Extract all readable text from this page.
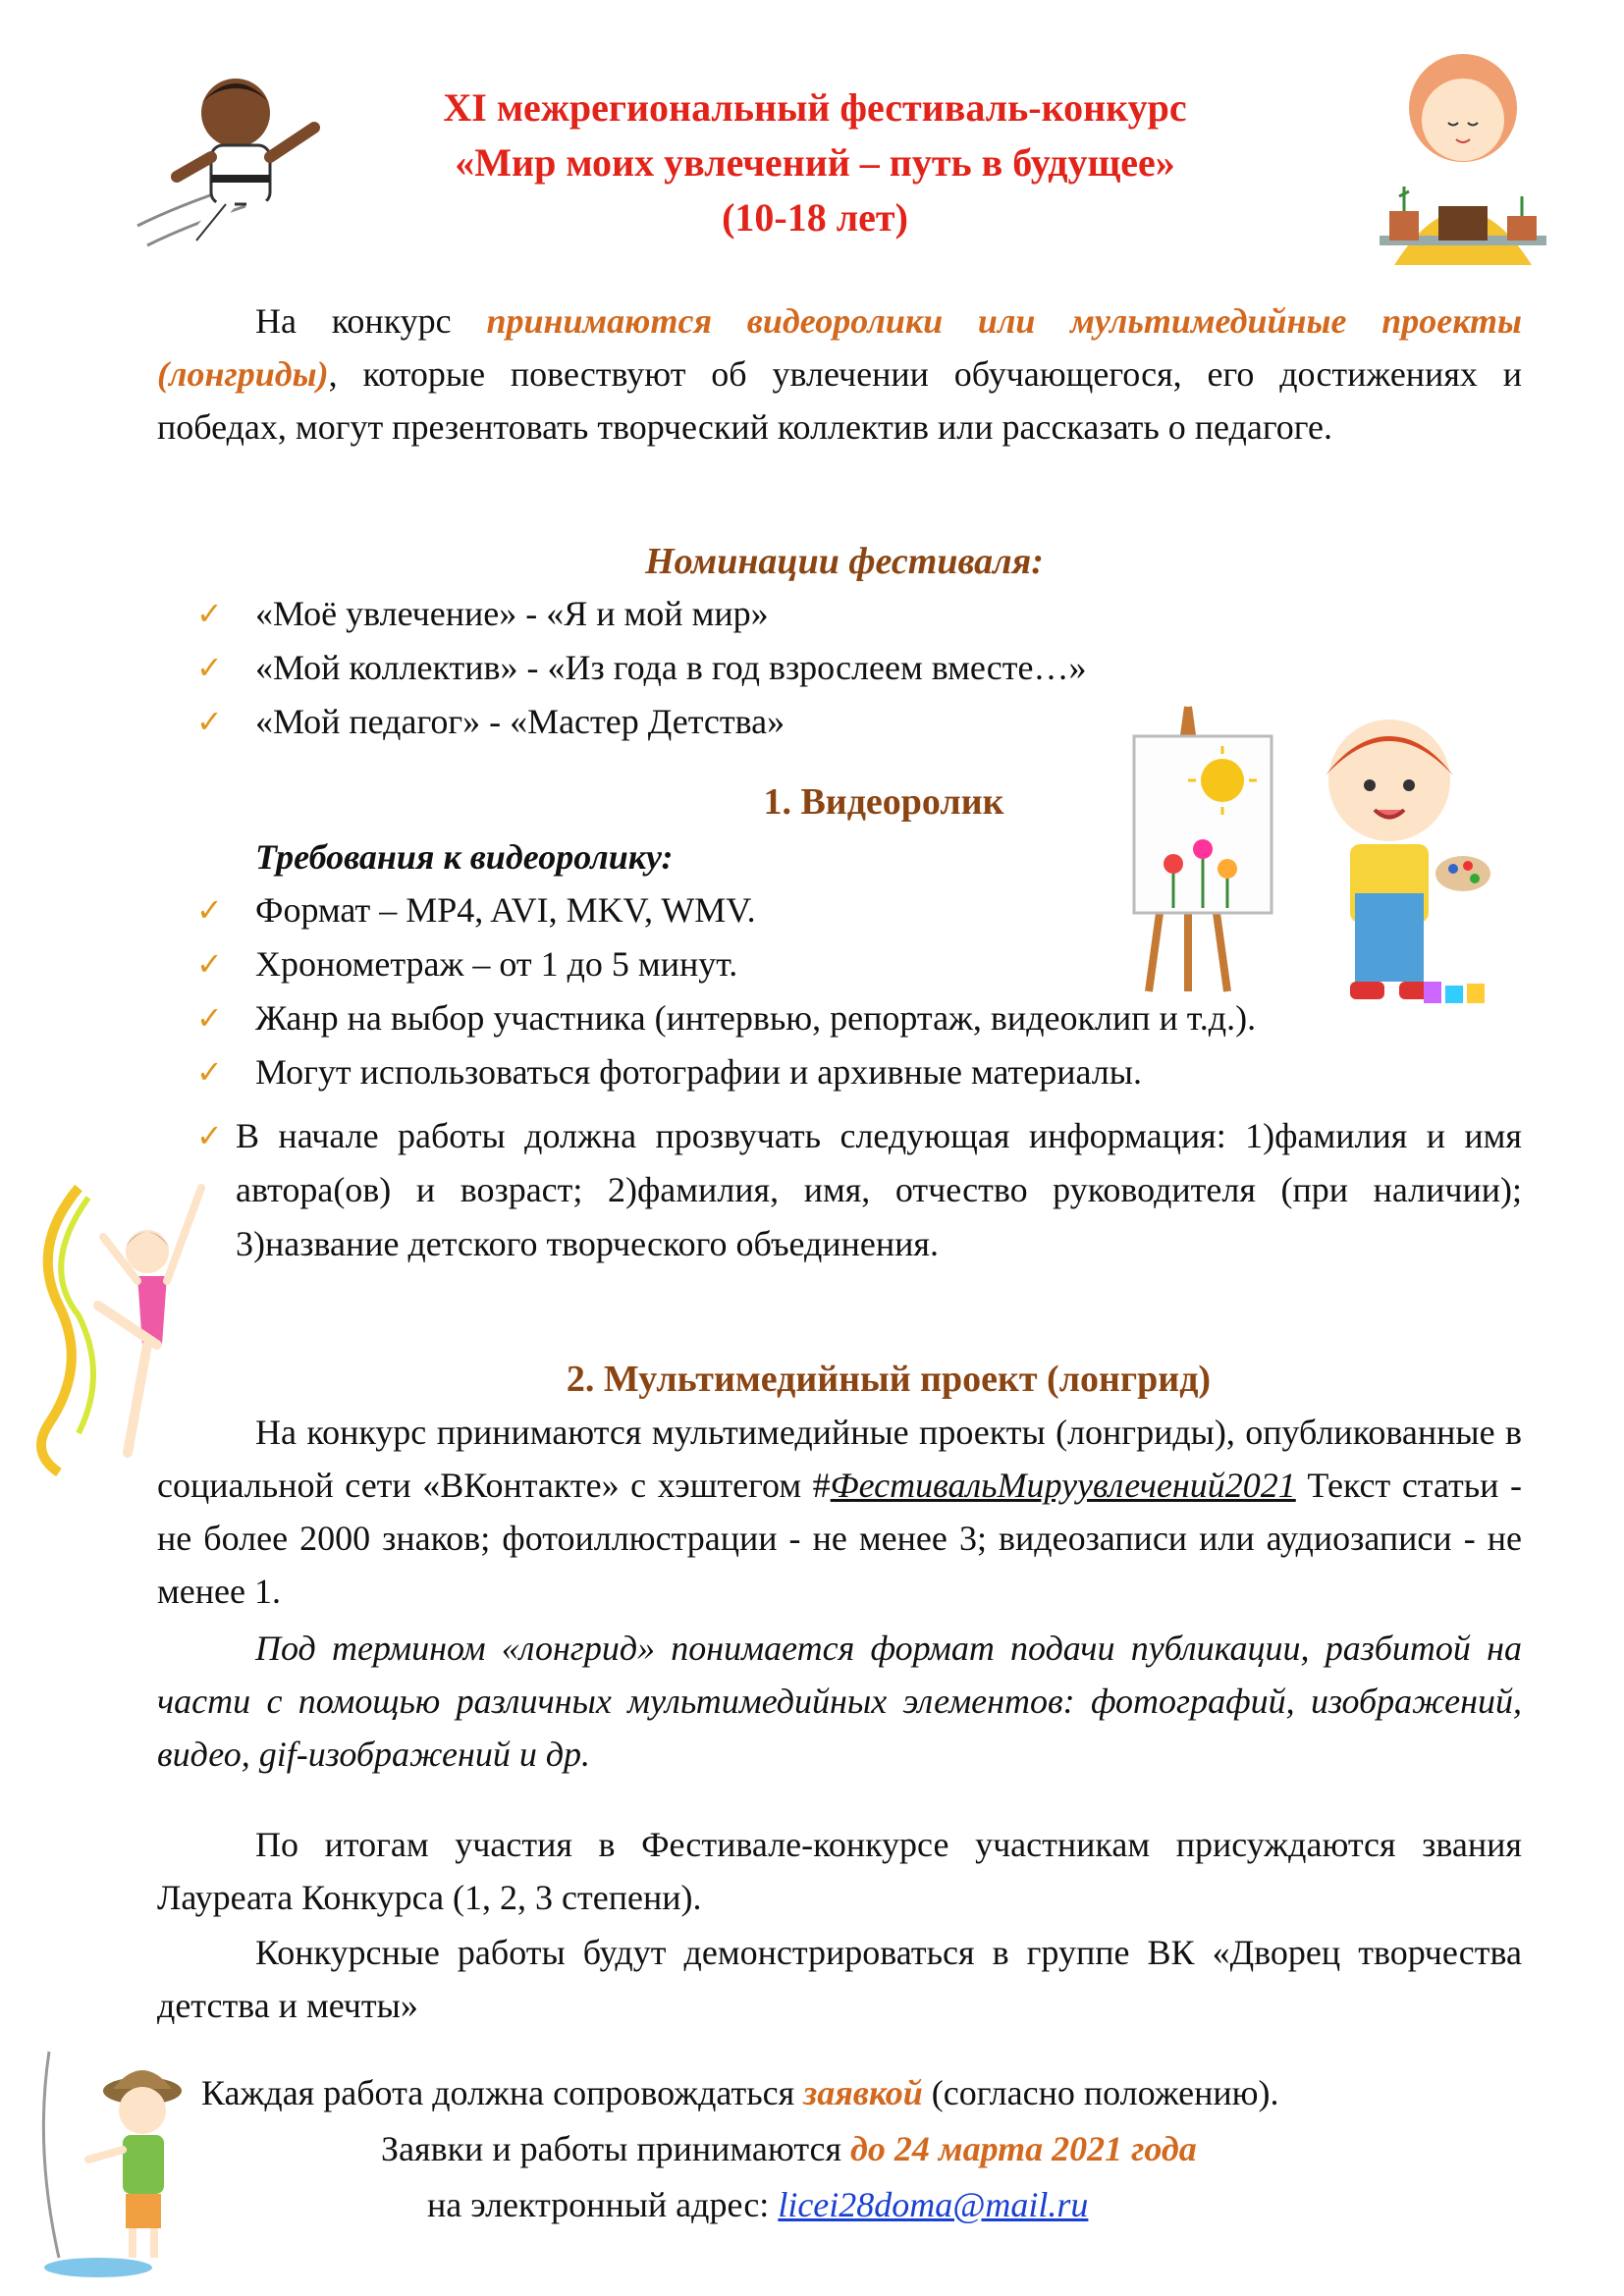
XI межрегиональный фестиваль-конкурс
«Мир моих увлечений – путь в будущее»
(10-18 лет)
На конкурс принимаются видеоролики или мультимедийные проекты (лонгриды), которые повествуют об увлечении обучающегося, его достижениях и победах, могут презентовать творческий коллектив или рассказать о педагоге.
Номинации фестиваля:
✓ «Моё увлечение» - «Я и мой мир»
✓ «Мой коллектив» - «Из года в год взрослеем вместе…»
✓ «Мой педагог» - «Мастер Детства»
1. Видеоролик
Требования к видеоролику:
✓ Формат – MP4, AVI, MKV, WMV.
✓ Хронометраж – от 1 до 5 минут.
✓ Жанр на выбор участника (интервью, репортаж, видеоклип и т.д.).
✓ Могут использоваться фотографии и архивные материалы.
✓ В начале работы должна прозвучать следующая информация: 1)фамилия и имя автора(ов) и возраст; 2)фамилия, имя, отчество руководителя (при наличии); 3)название детского творческого объединения.
2. Мультимедийный проект (лонгрид)
На конкурс принимаются мультимедийные проекты (лонгриды), опубликованные в социальной сети «ВКонтакте» с хэштегом #ФестивальМируувлечений2021 Текст статьи - не более 2000 знаков; фотоиллюстрации - не менее 3; видеозаписи или аудиозаписи - не менее 1.
Под термином «лонгрид» понимается формат подачи публикации, разбитой на части с помощью различных мультимедийных элементов: фотографий, изображений, видео, gif-изображений и др.
По итогам участия в Фестивале-конкурсе участникам присуждаются звания Лауреата Конкурса (1, 2, 3 степени).
Конкурсные работы будут демонстрироваться в группе ВК «Дворец творчества детства и мечты»
Каждая работа должна сопровождаться заявкой (согласно положению).
Заявки и работы принимаются до 24 марта 2021 года
на электронный адрес: licei28doma@mail.ru
